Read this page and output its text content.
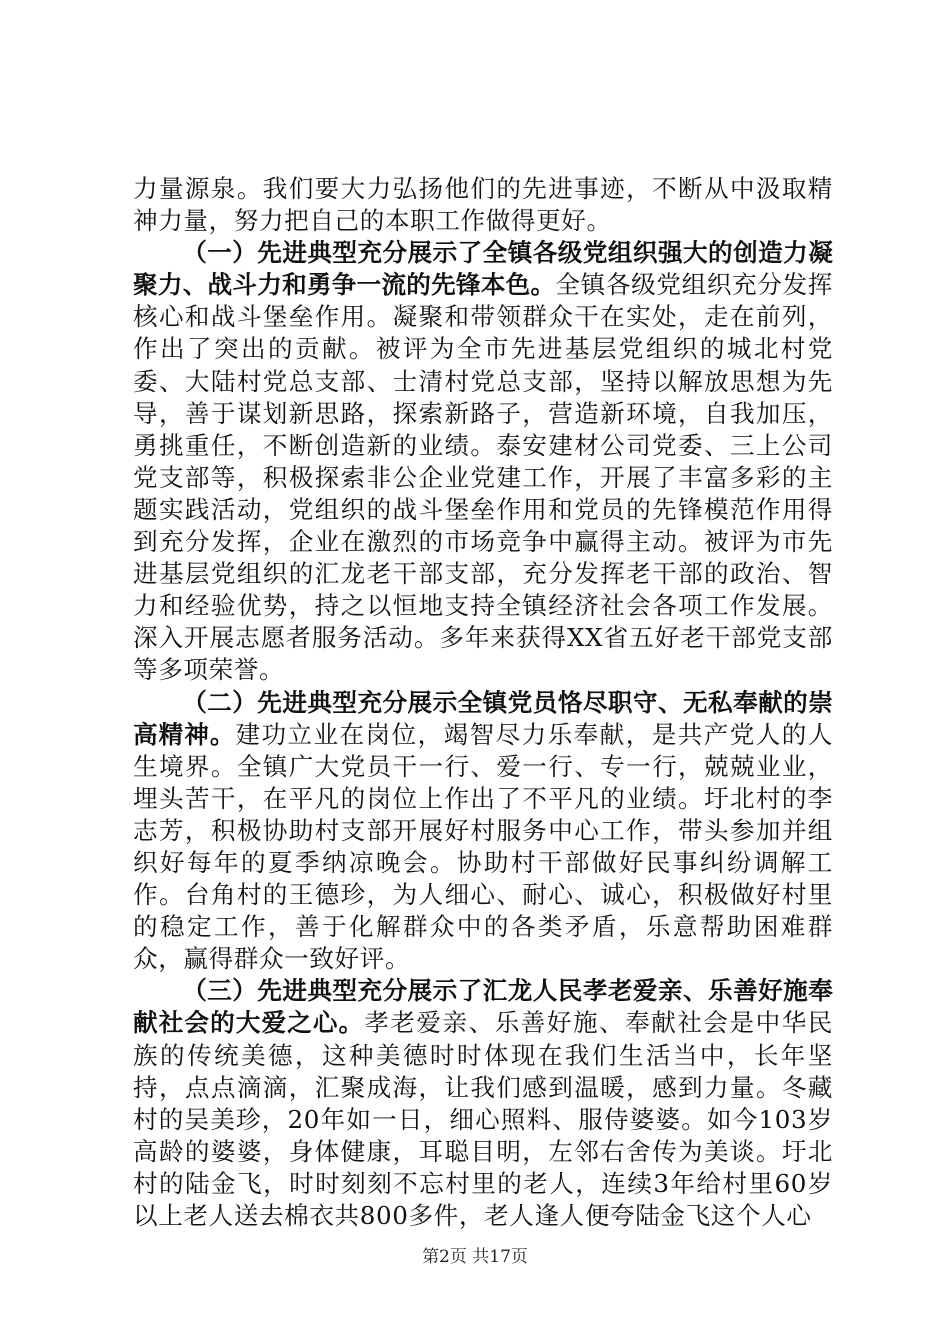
力量源泉。我们要大力弘扬他们的先进事迹，不断从中汲取精神力量，努力把自己的本职工作做得更好。

（一）先进典型充分展示了全镇各级党组织强大的创造力凝聚力、战斗力和勇争一流的先锋本色。全镇各级党组织充分发挥核心和战斗堡垒作用。凝聚和带领群众干在实处，走在前列，作出了突出的贡献。被评为全市先进基层党组织的城北村党委、大陆村党总支部、士清村党总支部，坚持以解放思想为先导，善于谋划新思路，探索新路子，营造新环境，自我加压，勇挑重任，不断创造新的业绩。泰安建材公司党委、三上公司党支部等，积极探索非公企业党建工作，开展了丰富多彩的主题实践活动，党组织的战斗堡垒作用和党员的先锋模范作用得到充分发挥，企业在激烈的市场竞争中赢得主动。被评为市先进基层党组织的汇龙老干部支部，充分发挥老干部的政治、智力和经验优势，持之以恒地支持全镇经济社会各项工作发展。深入开展志愿者服务活动。多年来获得XX省五好老干部党支部等多项荣誉。

（二）先进典型充分展示全镇党员恪尽职守、无私奉献的崇高精神。建功立业在岗位，竭智尽力乐奉献，是共产党人的人生境界。全镇广大党员干一行、爱一行、专一行，兢兢业业，埋头苦干，在平凡的岗位上作出了不平凡的业绩。圩北村的李志芳，积极协助村支部开展好村服务中心工作，带头参加并组织好每年的夏季纳凉晚会。协助村干部做好民事纠纷调解工作。台角村的王德珍，为人细心、耐心、诚心，积极做好村里的稳定工作，善于化解群众中的各类矛盾，乐意帮助困难群众，赢得群众一致好评。

（三）先进典型充分展示了汇龙人民孝老爱亲、乐善好施奉献社会的大爱之心。孝老爱亲、乐善好施、奉献社会是中华民族的传统美德，这种美德时时体现在我们生活当中，长年坚持，点点滴滴，汇聚成海，让我们感到温暖，感到力量。冬藏村的吴美珍，20年如一日，细心照料、服侍婆婆。如今103岁高龄的婆婆，身体健康，耳聪目明，左邻右舍传为美谈。圩北村的陆金飞，时时刻刻不忘村里的老人，连续3年给村里60岁以上老人送去棉衣共800多件，老人逢人便夸陆金飞这个人心

第2页 共17页
